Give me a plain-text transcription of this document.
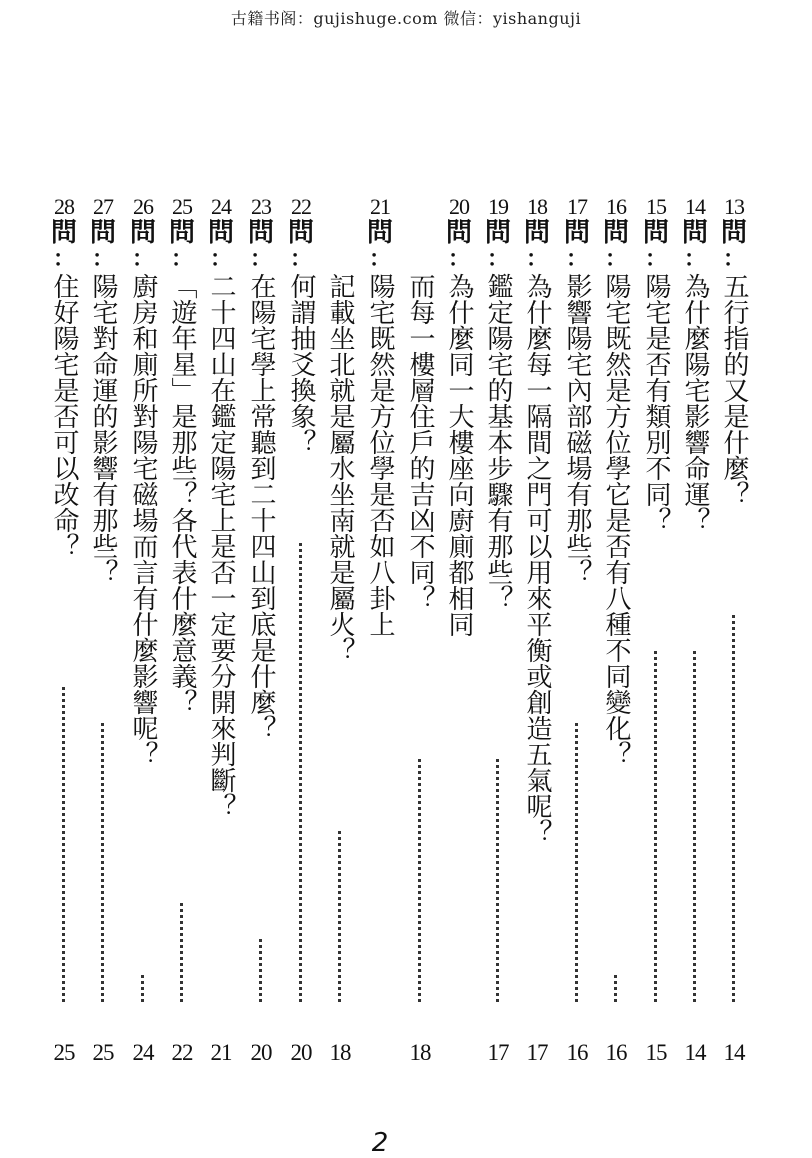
古籍书阁：gujishuge.com 微信：yishanguji
13
問
：
五行指的又是什麼？
14
14
問
：
為什麼陽宅影響命運？
14
15
問
：
陽宅是否有類別不同？
15
16
問
：
陽宅既然是方位學它是否有八種不同變化？
16
17
問
：
影響陽宅內部磁場有那些？
16
18
問
：
為什麼每一隔間之門可以用來平衡或創造五氣呢？
17
19
問
：
鑑定陽宅的基本步驟有那些？
17
20
問
：
為什麼同一大樓座向廚廁都相同
而每一樓層住戶的吉凶不同？
18
21
問
：
陽宅既然是方位學是否如八卦上
記載坐北就是屬水坐南就是屬火？
18
22
問
：
何謂抽爻換象？
20
23
問
：
在陽宅學上常聽到二十四山到底是什麼？
20
24
問
：
二十四山在鑑定陽宅上是否一定要分開來判斷？
21
25
問
：
「遊年星」是那些？各代表什麼意義？
22
26
問
：
廚房和廁所對陽宅磁場而言有什麼影響呢？
24
27
問
：
陽宅對命運的影響有那些？
25
28
問
：
住好陽宅是否可以改命？
25
2
